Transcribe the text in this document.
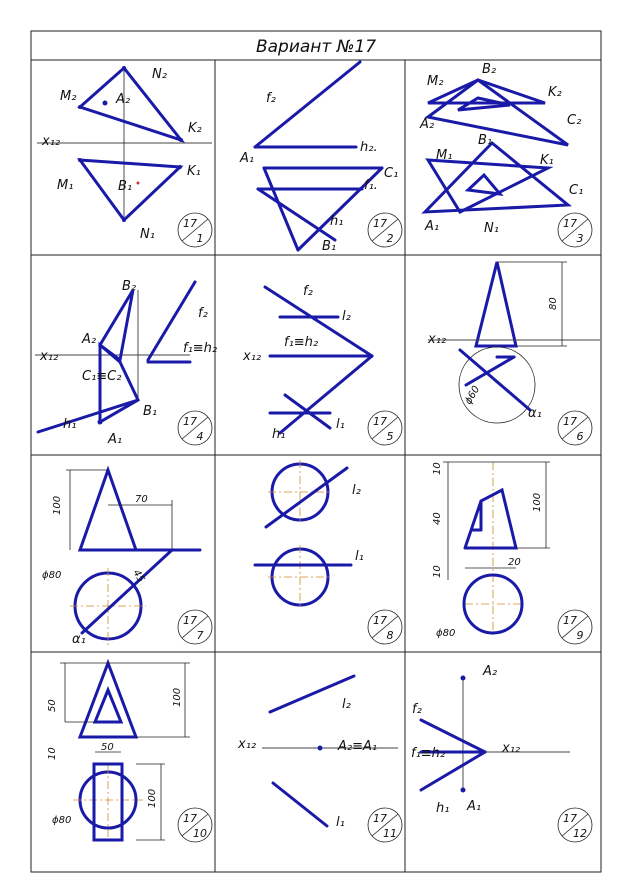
Вариант №17
M₂	A₂
N₂
x₁₂
K₂
M₁	B₁
K₁
N₁
f₂
A₁
h₂.
C₁
f₁.
h₁
B₁
M₂
B₂
K₂
A₂	C₂
M₁
B₁
K₁
C₁
A₁	N₁
B₂
f₂
A₂
x₁₂
f₁≡h₂
C₁≡C₂
B₁
h₁
A₁
f₂
l₂
f₁≡h₂
x₁₂
h₁
l₁
x₁₂
80
ϕ60
α₁
100	70
45
ϕ80
α₁
l₂
l₁
10
40
100
10
20
ϕ80
50	100
10	50
ϕ80
100
l₂
x₁₂	A₂≡A₁
l₁
A₂
f₂
f₁≡h₂	x₁₂
h₁ A₁
17
1
17
2
17
3
17
4
17
5
17
6
17
7
17
8
17
9
17
10
17
11
17
12
